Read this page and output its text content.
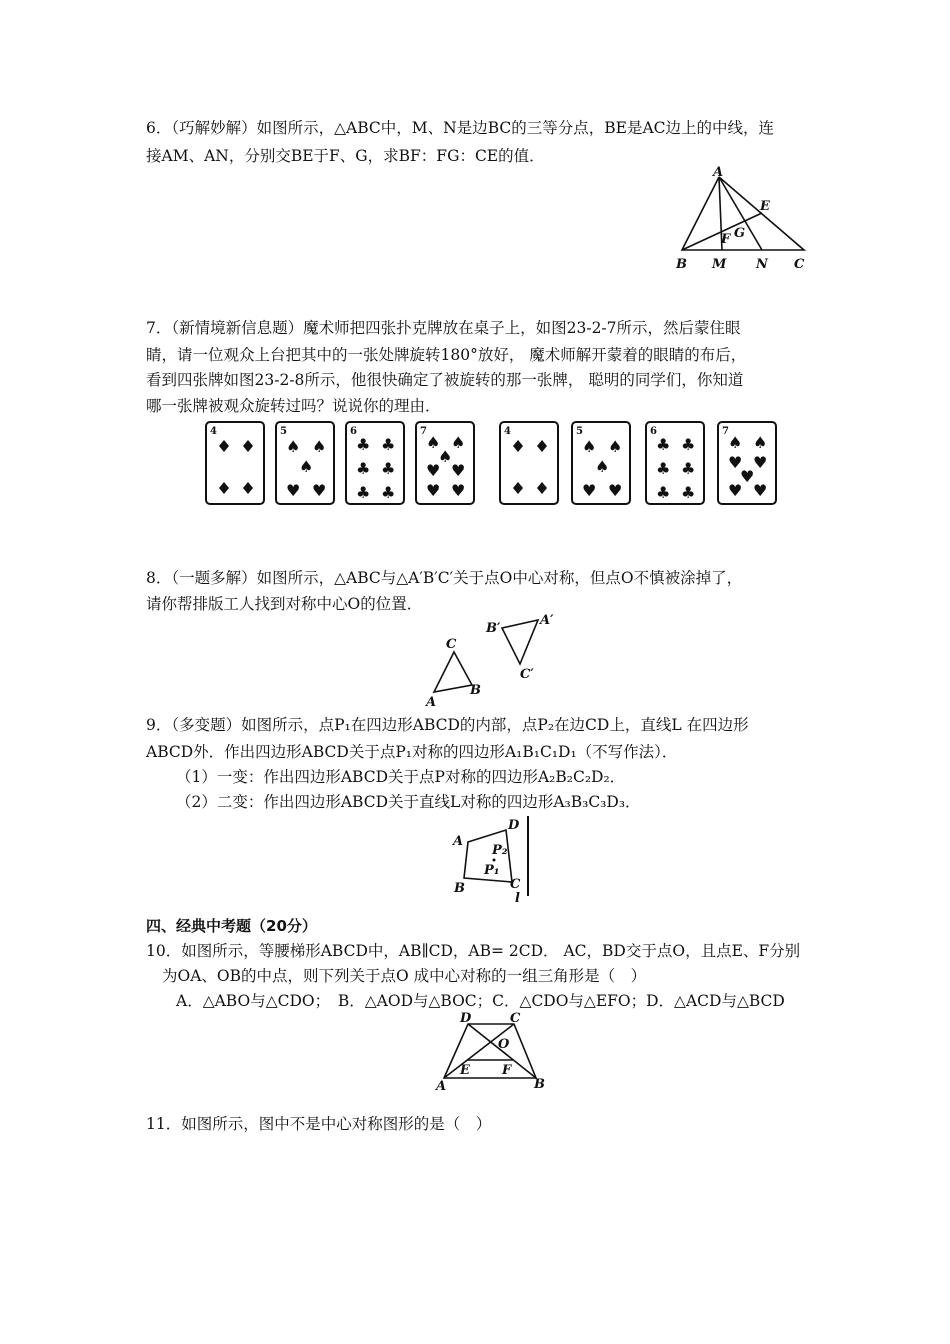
6．（巧解妙解）如图所示，△ABC中，M、N是边BC的三等分点，BE是AC边上的中线，连
接AM、AN，分别交BE于F、G，求BF：FG：CE的值．
A
E
F G
B M N C
7．（新情境新信息题）魔术师把四张扑克牌放在桌子上，如图23-2-7所示，然后蒙住眼
睛，请一位观众上台把其中的一张处牌旋转180°放好， 魔术师解开蒙着的眼睛的布后，
看到四张牌如图23-2-8所示，他很快确定了被旋转的那一张牌， 聪明的同学们，你知道
哪一张牌被观众旋转过吗？说说你的理由．
4	5
♠ ♠
♠
♥ ♥
6
♣ ♣
♣ ♣
♣ ♣
7
♠ ♠
♠
♥ ♥
♥ ♥
4	5
♠ ♠
♠
♥ ♥
6
♣ ♣
♣ ♣
♣ ♣
7
♠ ♠
♥ ♥
♥
♥ ♥
8．（一题多解）如图所示，△ABC与△A′B′C′关于点O中心对称，但点O不慎被涂掉了，
请你帮排版工人找到对称中心O的位置．
C
A
B
B′
A′
C′
9．（多变题）如图所示，点P₁在四边形ABCD的内部，点P₂在边CD上，直线L 在四边形
ABCD外．作出四边形ABCD关于点P₁对称的四边形A₁B₁C₁D₁（不写作法）．
（1）一变：作出四边形ABCD关于点P对称的四边形A₂B₂C₂D₂．
（2）二变：作出四边形ABCD关于直线L对称的四边形A₃B₃C₃D₃．
A
D
P₂
P₁
B	C
l
四、经典中考题（20分）
10．如图所示，等腰梯形ABCD中，AB∥CD，AB= 2CD． AC，BD交于点O，且点E、F分别
为OA、OB的中点，则下列关于点O 成中心对称的一组三角形是（　）
A．△ABO与△CDO；　B．△AOD与△BOC；C．△CDO与△EFO；D．△ACD与△BCD
D	C
O
E F
A	B
11．如图所示，图中不是中心对称图形的是（　）
